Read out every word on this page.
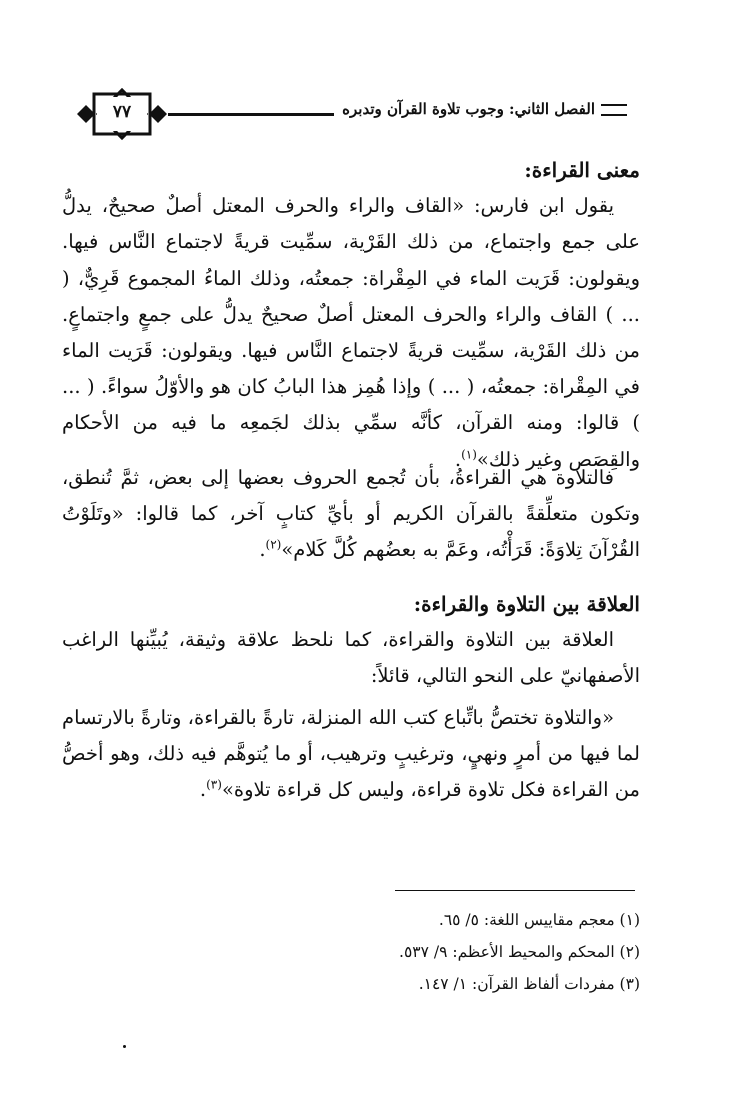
٧٧	الفصل الثاني: وجوب تلاوة القرآن وتدبره
معنى القراءة:
يقول ابن فارس: «القاف والراء والحرف المعتل أصلٌ صحيحٌ، يدلُّ على جمع واجتماع، من ذلك القَرْية، سمِّيت قريةً لاجتماع النَّاس فيها. ويقولون: قَرَيت الماء في المِقْراة: جمعتُه، وذلك الماءُ المجموع قَرِيٌّ، ( ... ) القاف والراء والحرف المعتل أصلٌ صحيحٌ يدلُّ على جمعٍ واجتماعٍ. من ذلك القَرْية، سمِّيت قريةً لاجتماع النَّاس فيها. ويقولون: قَرَيت الماء في المِقْراة: جمعتُه، ( ... ) وإذا هُمِز هذا البابُ كان هو والأوّلُ سواءً. ( ... ) قالوا: ومنه القرآن، كأنَّه سمِّي بذلك لجَمعِه ما فيه من الأحكام والقِصَص وغير ذلك»$^{(١)}$.
فالتلاوة هي القراءةُ، بأن تُجمع الحروف بعضها إلى بعض، ثمَّ تُنطق، وتكون متعلِّقةً بالقرآن الكريم أو بأيِّ كتابٍ آخر، كما قالوا: «وتَلَوْتُ القُرْآنَ تِلاوَةً: قَرَأْتُه، وعَمَّ به بعضُهم كُلَّ كَلام»$^{(٢)}$.
العلاقة بين التلاوة والقراءة:
العلاقة بين التلاوة والقراءة، كما نلحظ علاقة وثيقة، يُبيِّنها الراغب الأصفهانيّ على النحو التالي، قائلاً:
«والتلاوة تختصُّ باتِّباع كتب الله المنزلة، تارةً بالقراءة، وتارةً بالارتسام لما فيها من أمرٍ ونهيٍ، وترغيبٍ وترهيب، أو ما يُتوهَّم فيه ذلك، وهو أخصُّ من القراءة فكل تلاوة قراءة، وليس كل قراءة تلاوة»$^{(٣)}$.
(١) معجم مقاييس اللغة: ٥/ ٦٥.
(٢) المحكم والمحيط الأعظم: ٩/ ٥٣٧.
(٣) مفردات ألفاظ القرآن: ١/ ١٤٧.
